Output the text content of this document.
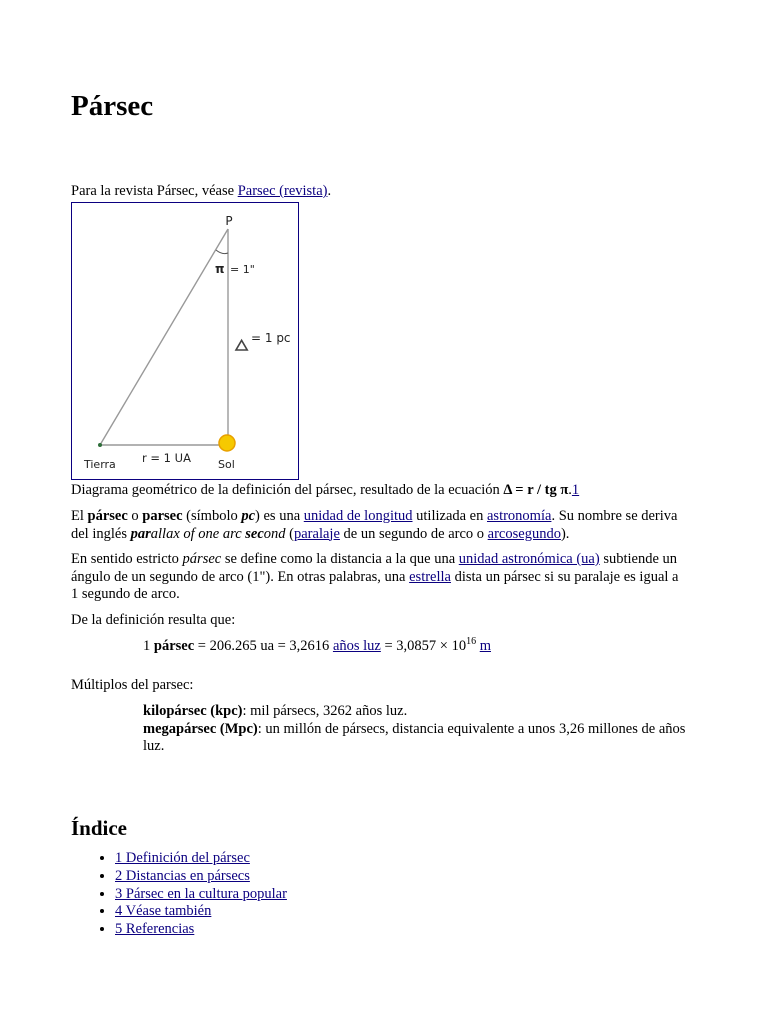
Pársec
Para la revista Pársec, véase Parsec (revista).
P
π = 1"
= 1 pc
r = 1 UA
Tierra	Sol
Diagrama geométrico de la definición del pársec, resultado de la ecuación Δ = r / tg π.1

El pársec o parsec (símbolo pc) es una unidad de longitud utilizada en astronomía. Su nombre se deriva del inglés parallax of one arc second (paralaje de un segundo de arco o arcosegundo).

En sentido estricto pársec se define como la distancia a la que una unidad astronómica (ua) subtiende un ángulo de un segundo de arco (1"). En otras palabras, una estrella dista un pársec si su paralaje es igual a 1 segundo de arco.

De la definición resulta que:

1 pársec = 206.265 ua = 3,2616 años luz = $3,0857 \times 10^{16}$ m
Múltiplos del parsec:
kilopársec (kpc): mil pársecs, 3262 años luz.
megapársec (Mpc): un millón de pársecs, distancia equivalente a unos 3,26 millones de años luz.
Índice
• 1 Definición del pársec
• 2 Distancias en pársecs
• 3 Pársec en la cultura popular
• 4 Véase también
• 5 Referencias
